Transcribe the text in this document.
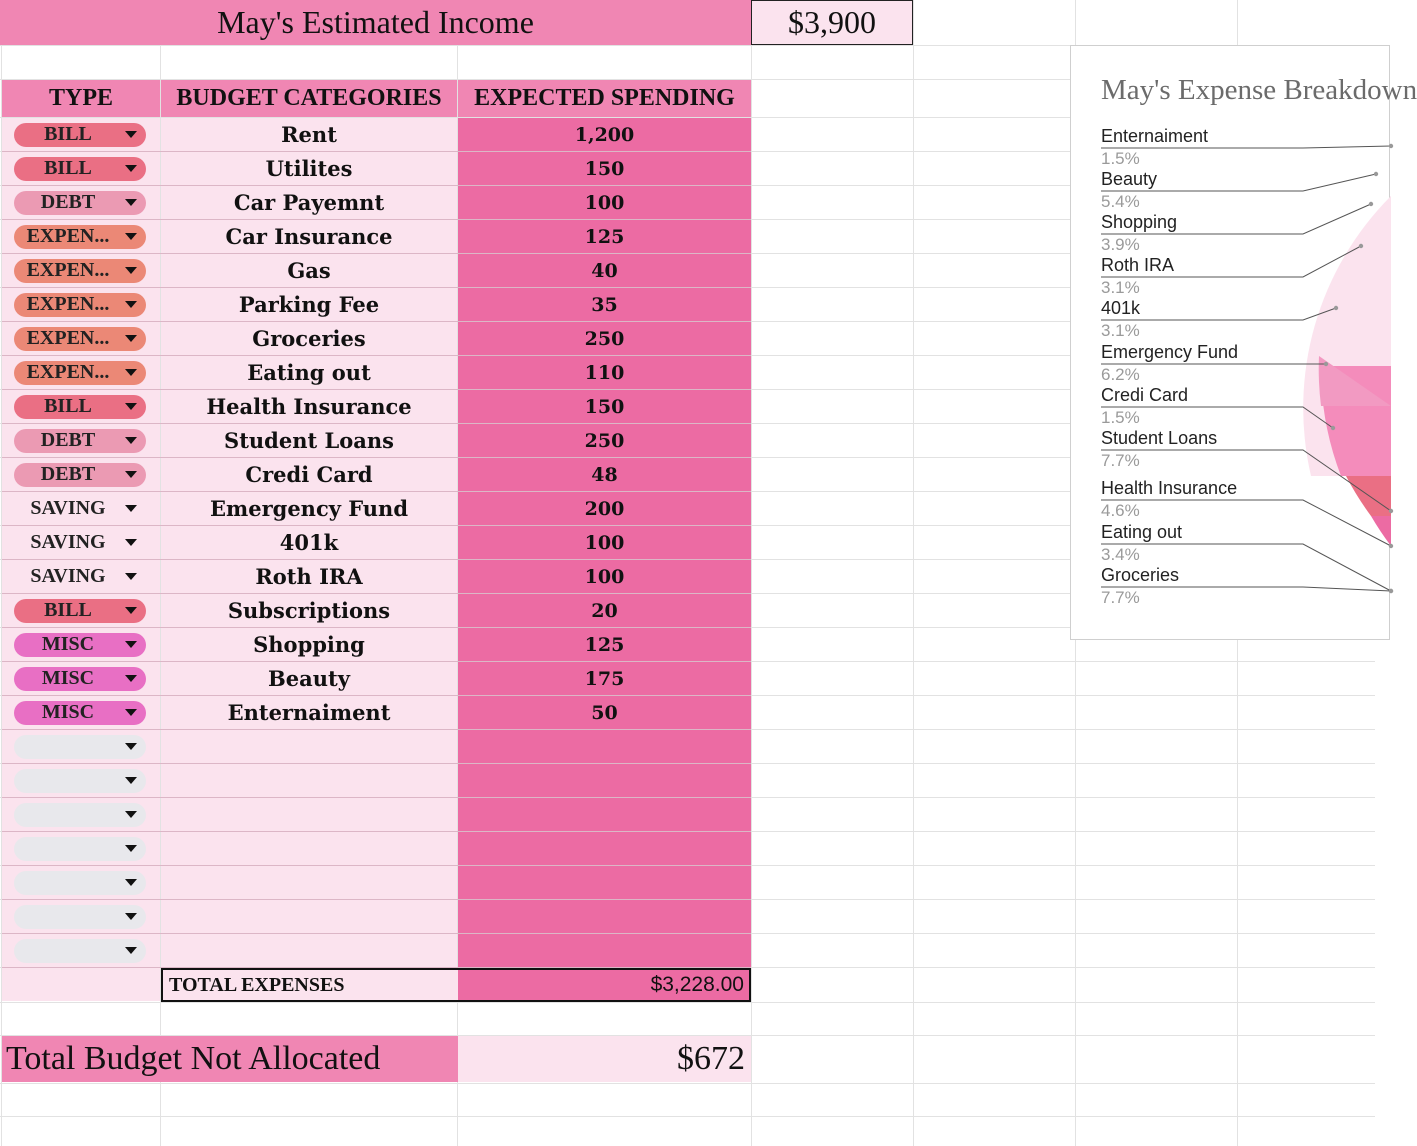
May's Estimated Income	$3,900
TYPE	BUDGET CATEGORIES	EXPECTED SPENDING
BILL	Rent	1,200
BILL	Utilites	150
DEBT	Car Payemnt	100
EXPEN...	Car Insurance	125
EXPEN...	Gas	40
EXPEN...	Parking Fee	35
EXPEN...	Groceries	250
EXPEN...	Eating out	110
BILL	Health Insurance	150
DEBT	Student Loans	250
DEBT	Credi Card	48
SAVING	Emergency Fund	200
SAVING	401k	100
SAVING	Roth IRA	100
BILL	Subscriptions	20
MISC	Shopping	125
MISC	Beauty	175
MISC	Enternaiment	50
TOTAL EXPENSES	$3,228.00
Total Budget Not Allocated	$672
May's Expense Breakdown
Enternaiment
1.5%
Beauty
5.4%
Shopping
3.9%
Roth IRA
3.1%
401k
3.1%
Emergency Fund
6.2%
Credi Card
1.5%
Student Loans
7.7%
Health Insurance
4.6%
Eating out
3.4%
Groceries
7.7%
